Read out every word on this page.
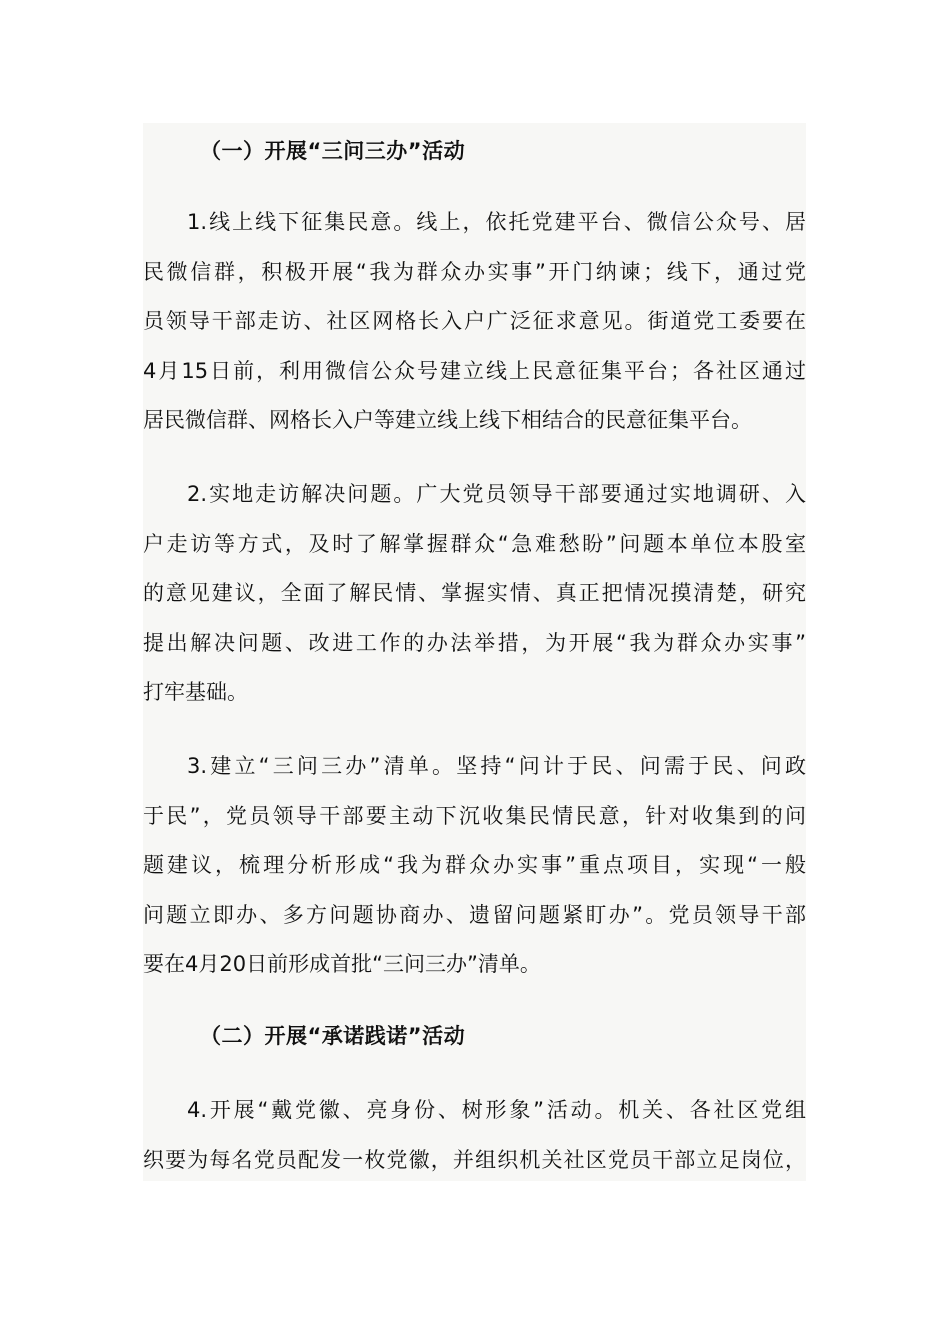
（一）开展“三问三办”活动
1.线上线下征集民意。线上，依托党建平台、微信公众号、居
民微信群，积极开展“我为群众办实事”开门纳谏；线下，通过党
员领导干部走访、社区网格长入户广泛征求意见。街道党工委要在
4月15日前，利用微信公众号建立线上民意征集平台；各社区通过
居民微信群、网格长入户等建立线上线下相结合的民意征集平台。
2.实地走访解决问题。广大党员领导干部要通过实地调研、入
户走访等方式，及时了解掌握群众“急难愁盼”问题本单位本股室
的意见建议，全面了解民情、掌握实情、真正把情况摸清楚，研究
提出解决问题、改进工作的办法举措，为开展“我为群众办实事”
打牢基础。
3.建立“三问三办”清单。坚持“问计于民、问需于民、问政
于民”，党员领导干部要主动下沉收集民情民意，针对收集到的问
题建议，梳理分析形成“我为群众办实事”重点项目，实现“一般
问题立即办、多方问题协商办、遗留问题紧盯办”。党员领导干部
要在4月20日前形成首批“三问三办”清单。
（二）开展“承诺践诺”活动
4.开展“戴党徽、亮身份、树形象”活动。机关、各社区党组
织要为每名党员配发一枚党徽，并组织机关社区党员干部立足岗位，
